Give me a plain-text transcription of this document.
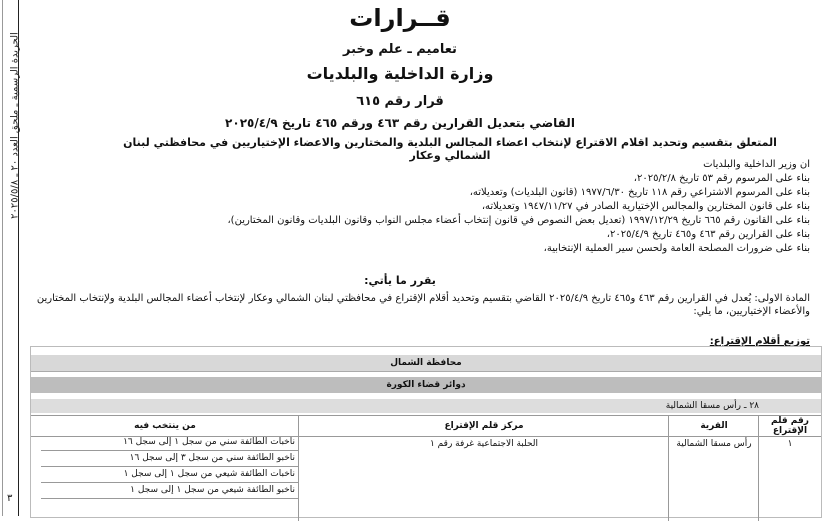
الجريدة الرسمية ـ ملحق العدد ٢٠ ـ ٢٠٢٥/٥/٨
٣
قــرارات
تعاميم ـ علم وخبر
وزارة الداخلية والبلديات
قرار رقم ٦١٥
القاضي بتعديل القرارين رقم ٤٦٣ ورقم ٤٦٥ تاريخ ٢٠٢٥/٤/٩
المتعلق بتقسيم وتحديد اقلام الاقتراع لإنتخاب اعضاء المجالس البلدية والمختارين والاعضاء الإختياريين في محافظتي لبنان الشمالي وعكار
ان وزير الداخلية والبلديات
بناء على المرسوم رقم ٥٣ تاريخ ٢٠٢٥/٢/٨،
بناء على المرسوم الاشتراعي رقم ١١٨ تاريخ ١٩٧٧/٦/٣٠ (قانون البلديات) وتعديلاته،
بناء على قانون المختارين والمجالس الإختيارية الصادر في ١٩٤٧/١١/٢٧ وتعديلاته،
بناء على القانون رقم ٦٦٥ تاريخ ١٩٩٧/١٢/٢٩ (تعديل بعض النصوص في قانون إنتخاب أعضاء مجلس النواب وقانون البلديات وقانون المختارين)،
بناء على القرارين رقم ٤٦٣ و٤٦٥ تاريخ ٢٠٢٥/٤/٩،
بناء على ضرورات المصلحة العامة ولحسن سير العملية الإنتخابية،
يقرر ما يأتي:
المادة الاولى: يُعدل في القرارين رقم ٤٦٣ و٤٦٥ تاريخ ٢٠٢٥/٤/٩ القاضي بتقسيم وتحديد أقلام الإقتراع في محافظتي لبنان الشمالي وعكار لإنتخاب أعضاء المجالس البلدية ولإنتخاب المختارين والأعضاء الإختياريين، ما يلي:
توزيع أقلام الإقتراع:
محافظة الشمال
دوائر قضاء الكورة
٢٨ ـ رأس مسقا الشمالية
رقم قلم الإقتراع
القرية
مركز قلم الإقتراع
من ينتخب فيه
١
رأس مسقا الشمالية
الحلبة الاجتماعية غرفة رقم ١
ناخبات الطائفة سني من سجل ١ إلى سجل ١٦
ناخبو الطائفة سني من سجل ٣ إلى سجل ١٦
ناخبات الطائفة شيعي من سجل ١ إلى سجل ١
ناخبو الطائفة شيعي من سجل ١ إلى سجل ١
